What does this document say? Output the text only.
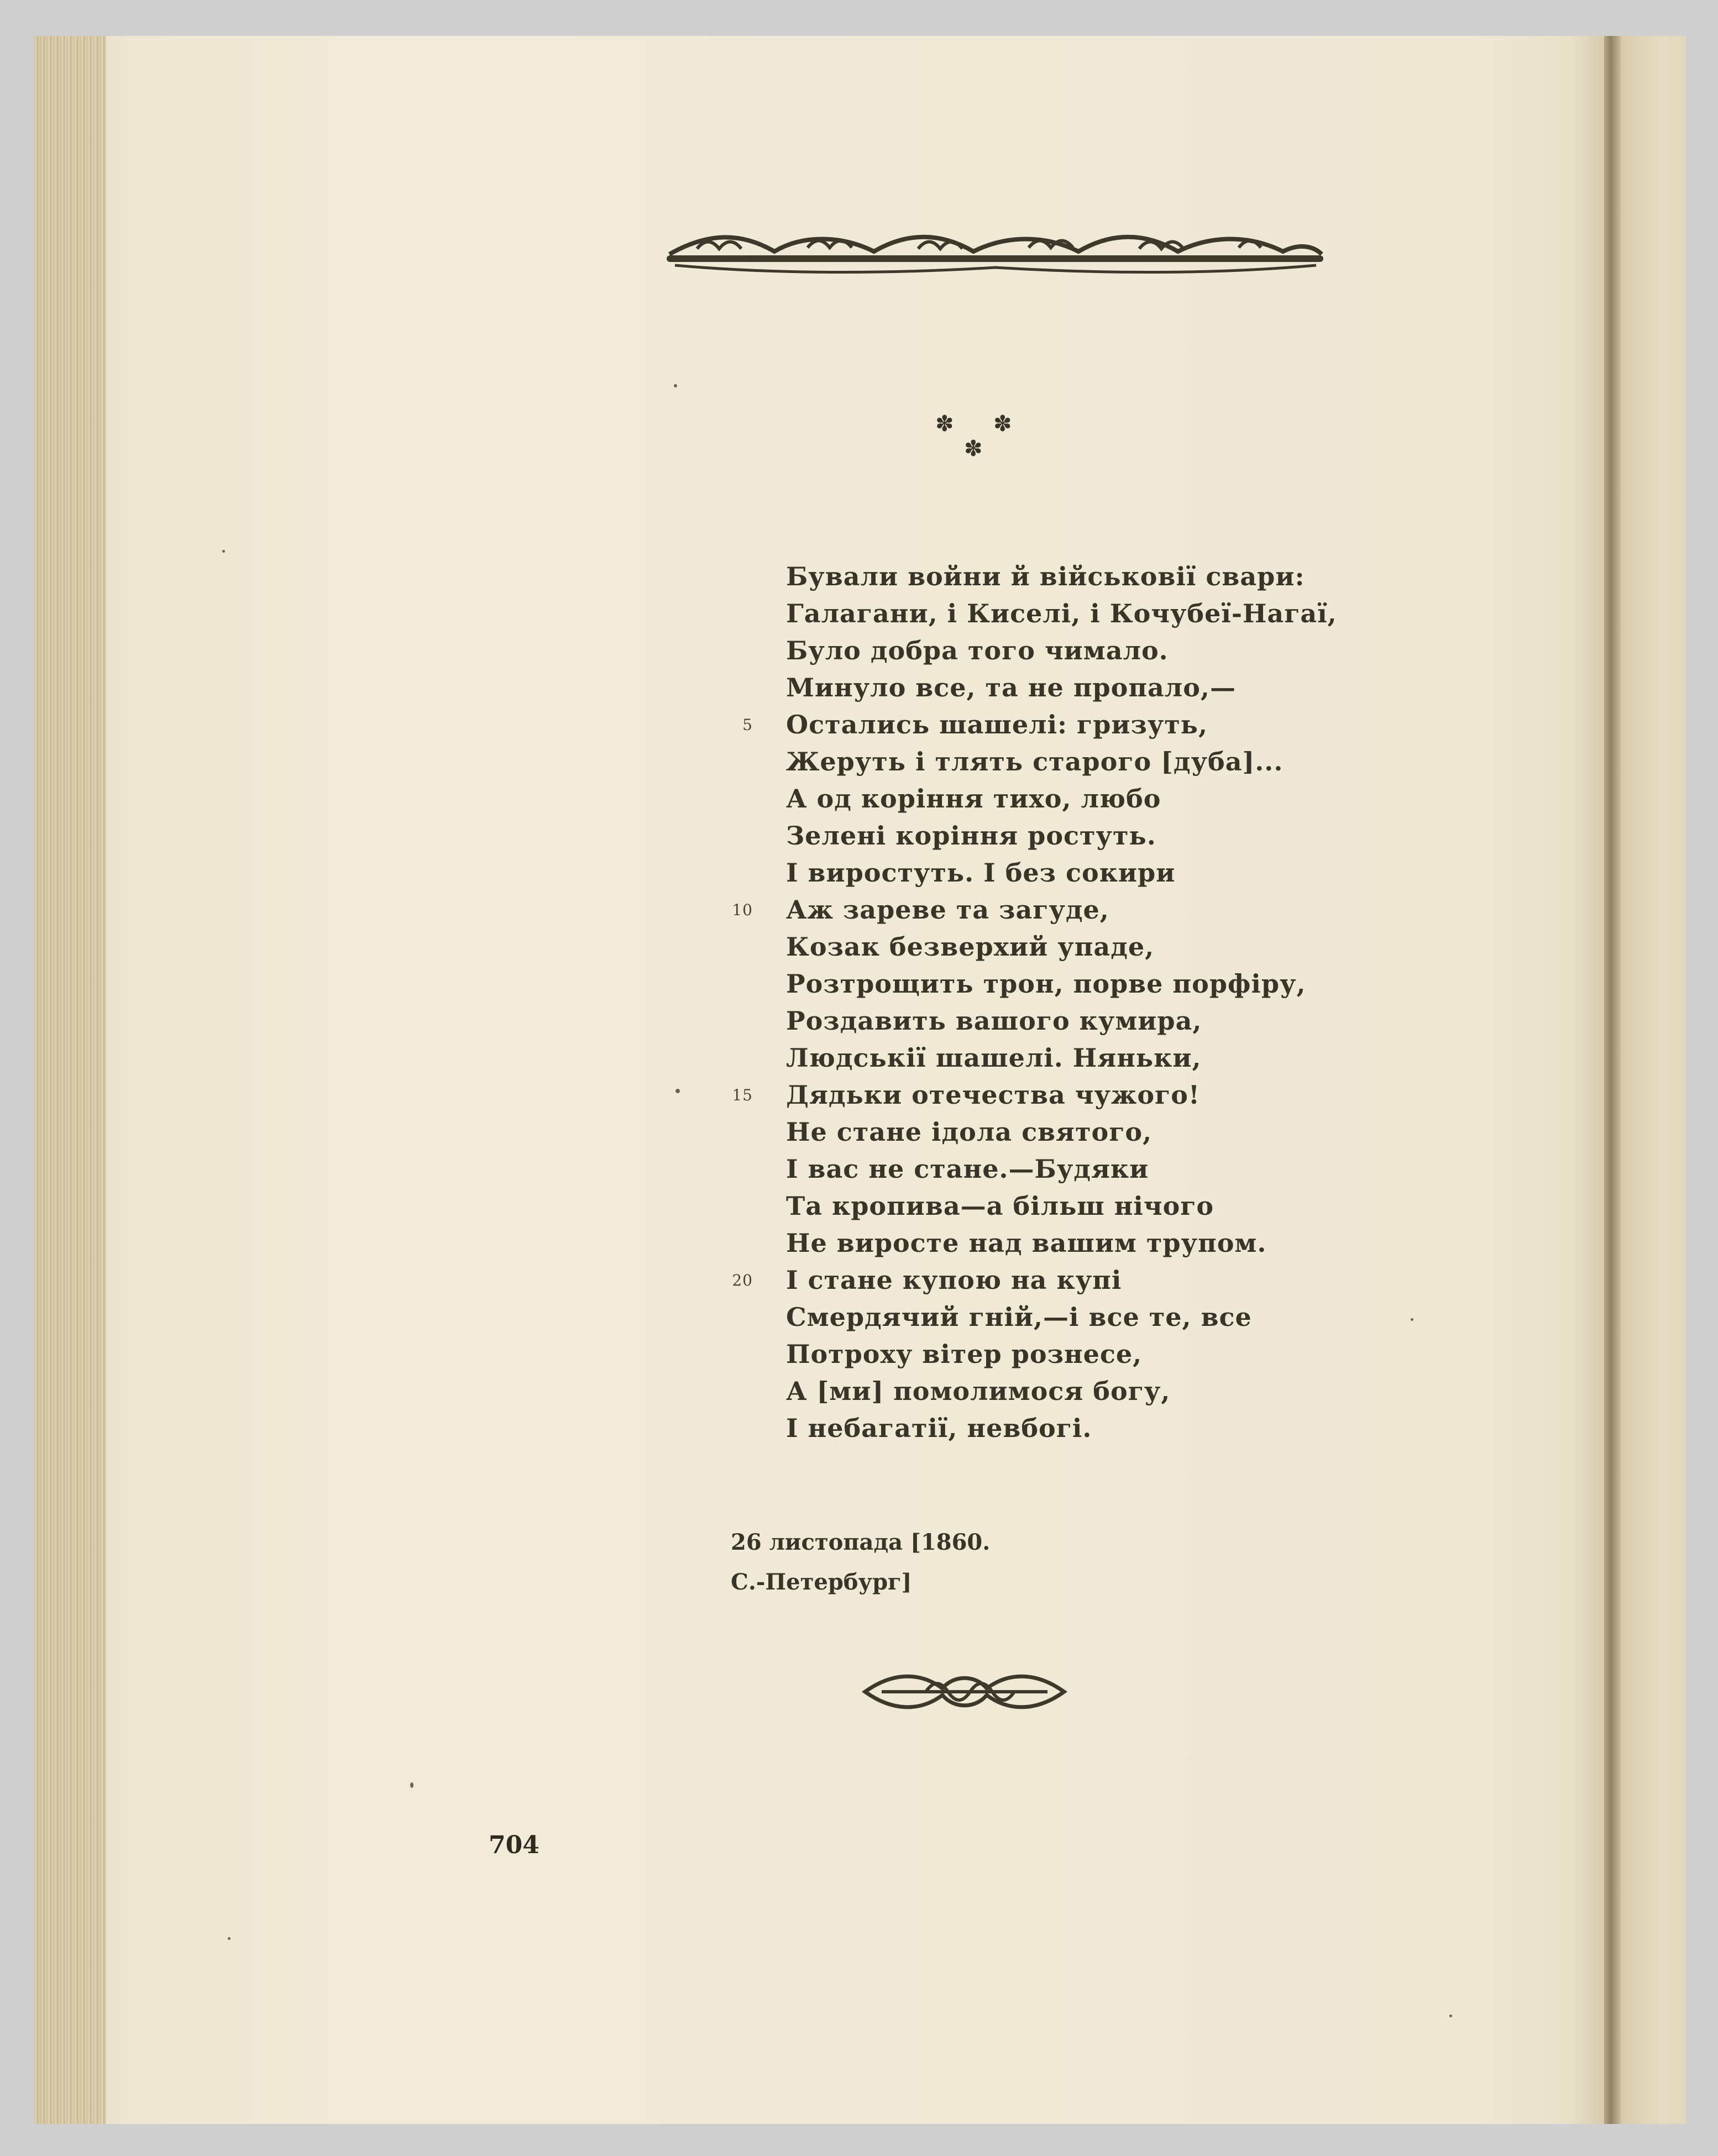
✽ ✽
✽
* * *
Бували войни й військовії свари:
Галагани, і Киселі, і Кочубеї-Нагаї,
Було добра того чимало.
Минуло все, та не пропало,—
5 Остались шашелі: гризуть,
Жеруть і тлять старого [дуба]...
А од коріння тихо, любо
Зелені коріння ростуть.
І виростуть. І без сокири
10 Аж зареве та загуде,
Козак безверхий упаде,
Розтрощить трон, порве порфіру,
Роздавить вашого кумира,
Людськії шашелі. Няньки,
15 Дядьки отечества чужого!
Не стане ідола святого,
І вас не стане.—Будяки
Та кропива—а більш нічого
Не виросте над вашим трупом.
20 І стане купою на купі
Смердячий гній,—і все те, все
Потроху вітер рознесе,
А [ми] помолимося богу,
І небагатії, невбогі.
26 листопада [1860.
С.-Петербург]
704
